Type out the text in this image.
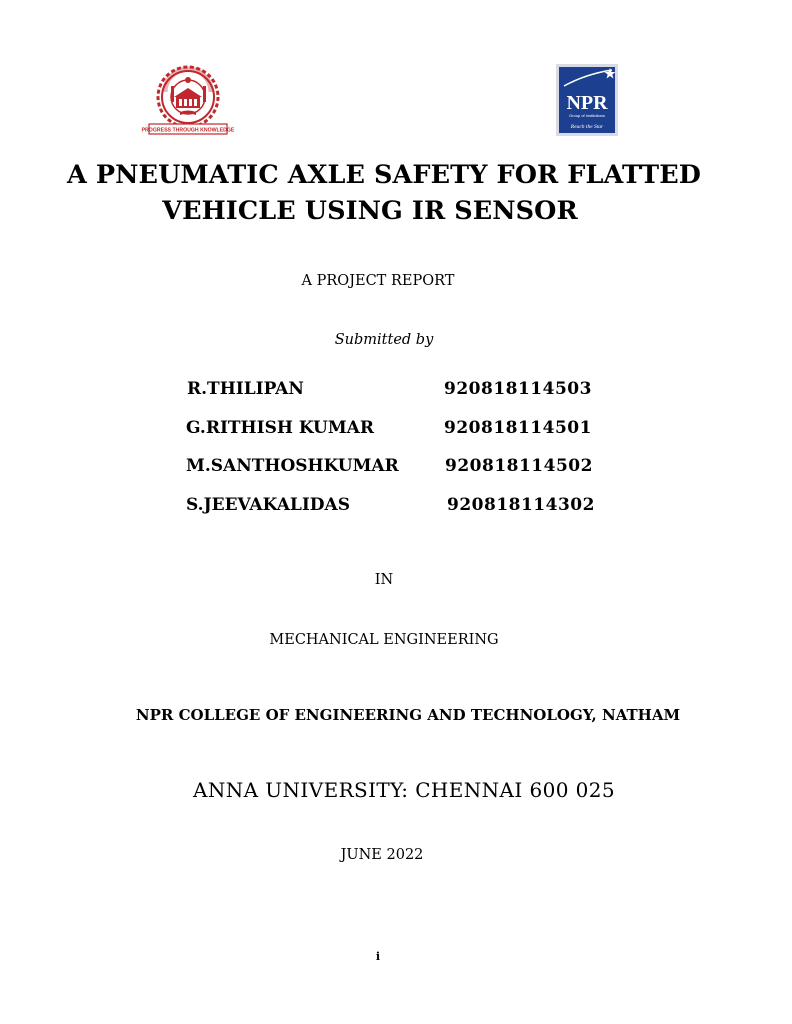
PROGRESS THROUGH KNOWLEDGE
NPR
Group of Institutions
Reach the Star
A PNEUMATIC AXLE SAFETY FOR FLATTED
VEHICLE USING IR SENSOR
A PROJECT REPORT
Submitted by
R.THILIPAN	920818114503
G.RITHISH KUMAR	920818114501
M.SANTHOSHKUMAR	920818114502
S.JEEVAKALIDAS	920818114302
IN
MECHANICAL ENGINEERING
NPR COLLEGE OF ENGINEERING AND TECHNOLOGY, NATHAM
ANNA UNIVERSITY: CHENNAI 600 025
JUNE 2022
i
